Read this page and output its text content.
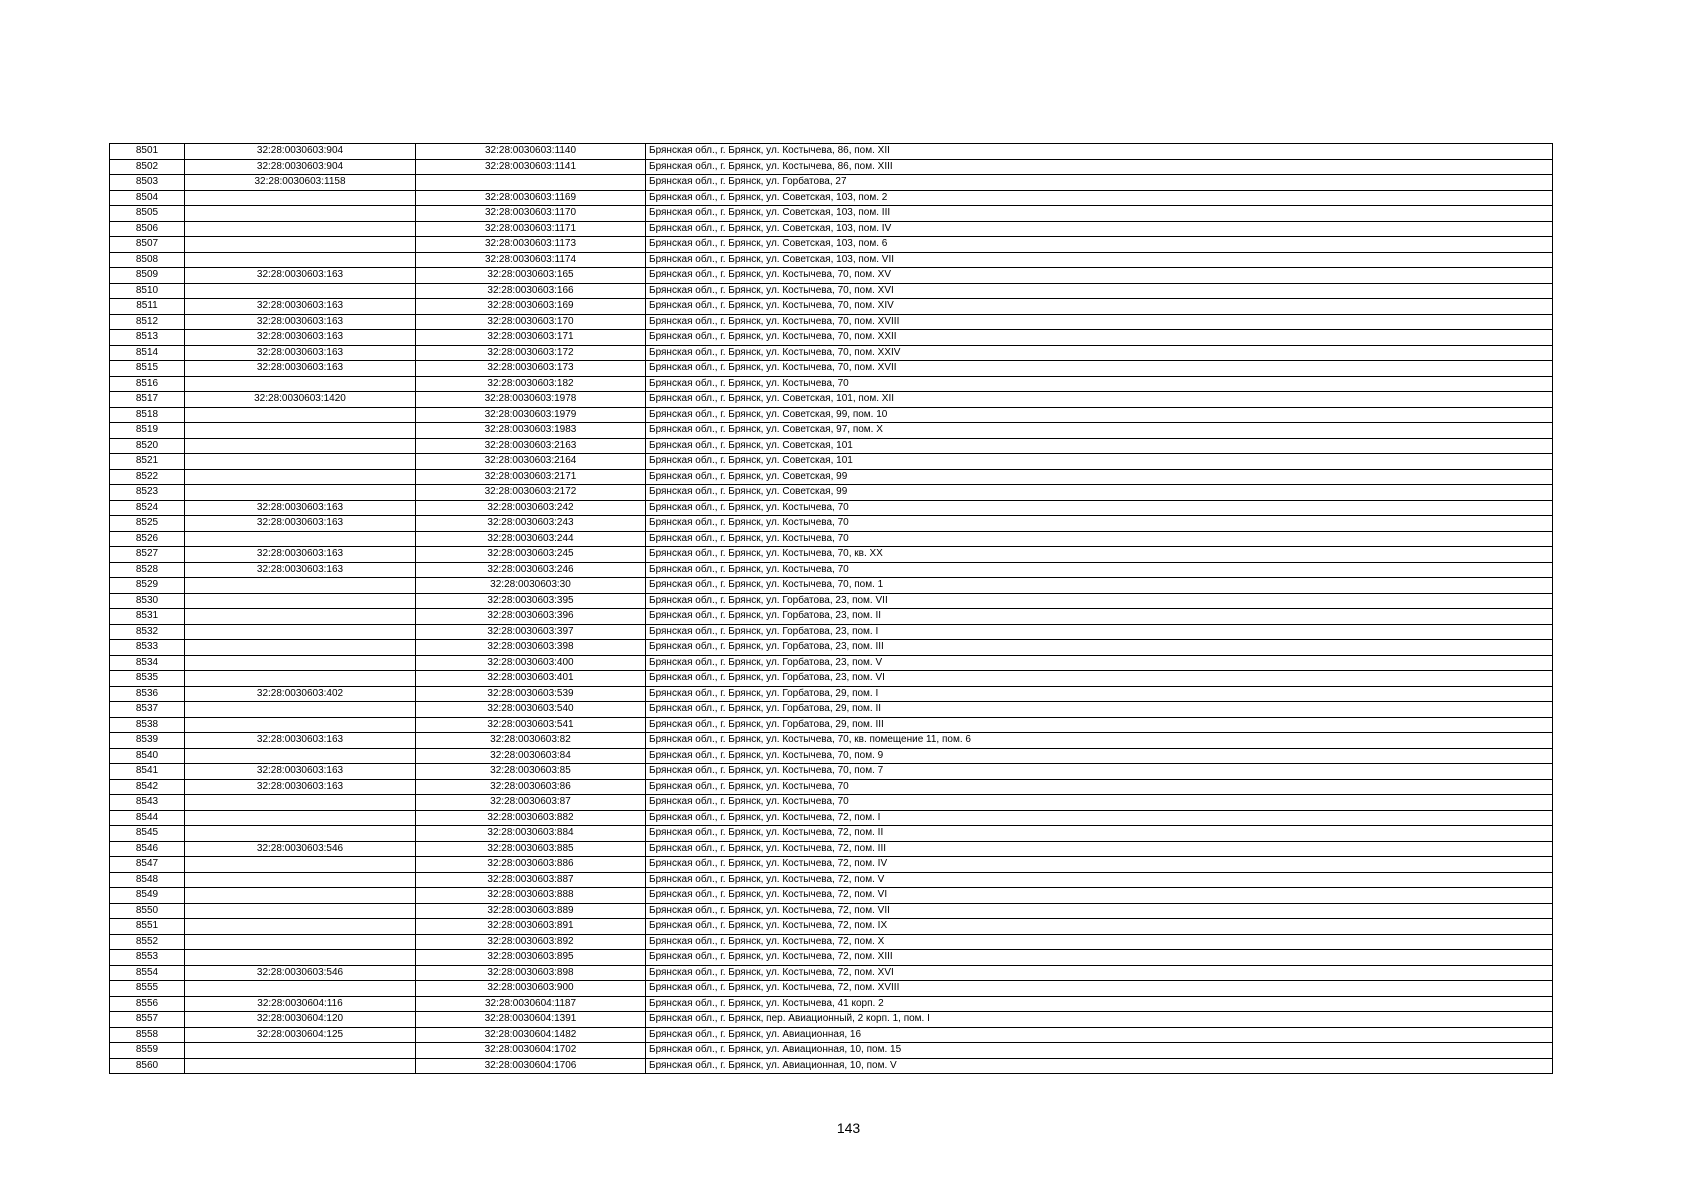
8501	32:28:0030603:904	32:28:0030603:1140	Брянская обл., г. Брянск, ул. Костычева, 86, пом. XII
8502	32:28:0030603:904	32:28:0030603:1141	Брянская обл., г. Брянск, ул. Костычева, 86, пом. XIII
8503	32:28:0030603:1158		Брянская обл., г. Брянск, ул. Горбатова, 27
8504		32:28:0030603:1169	Брянская обл., г. Брянск, ул. Советская, 103, пом. 2
8505		32:28:0030603:1170	Брянская обл., г. Брянск, ул. Советская, 103, пом. III
8506		32:28:0030603:1171	Брянская обл., г. Брянск, ул. Советская, 103, пом. IV
8507		32:28:0030603:1173	Брянская обл., г. Брянск, ул. Советская, 103, пом. 6
8508		32:28:0030603:1174	Брянская обл., г. Брянск, ул. Советская, 103, пом. VII
8509	32:28:0030603:163	32:28:0030603:165	Брянская обл., г. Брянск, ул. Костычева, 70, пом. XV
8510		32:28:0030603:166	Брянская обл., г. Брянск, ул. Костычева, 70, пом. XVI
8511	32:28:0030603:163	32:28:0030603:169	Брянская обл., г. Брянск, ул. Костычева, 70, пом. XIV
8512	32:28:0030603:163	32:28:0030603:170	Брянская обл., г. Брянск, ул. Костычева, 70, пом. XVIII
8513	32:28:0030603:163	32:28:0030603:171	Брянская обл., г. Брянск, ул. Костычева, 70, пом. XXII
8514	32:28:0030603:163	32:28:0030603:172	Брянская обл., г. Брянск, ул. Костычева, 70, пом. XXIV
8515	32:28:0030603:163	32:28:0030603:173	Брянская обл., г. Брянск, ул. Костычева, 70, пом. XVII
8516		32:28:0030603:182	Брянская обл., г. Брянск, ул. Костычева, 70
8517	32:28:0030603:1420	32:28:0030603:1978	Брянская обл., г. Брянск, ул. Советская, 101, пом. XII
8518		32:28:0030603:1979	Брянская обл., г. Брянск, ул. Советская, 99, пом. 10
8519		32:28:0030603:1983	Брянская обл., г. Брянск, ул. Советская, 97, пом. X
8520		32:28:0030603:2163	Брянская обл., г. Брянск, ул. Советская, 101
8521		32:28:0030603:2164	Брянская обл., г. Брянск, ул. Советская, 101
8522		32:28:0030603:2171	Брянская обл., г. Брянск, ул. Советская, 99
8523		32:28:0030603:2172	Брянская обл., г. Брянск, ул. Советская, 99
8524	32:28:0030603:163	32:28:0030603:242	Брянская обл., г. Брянск, ул. Костычева, 70
8525	32:28:0030603:163	32:28:0030603:243	Брянская обл., г. Брянск, ул. Костычева, 70
8526		32:28:0030603:244	Брянская обл., г. Брянск, ул. Костычева, 70
8527	32:28:0030603:163	32:28:0030603:245	Брянская обл., г. Брянск, ул. Костычева, 70, кв. XX
8528	32:28:0030603:163	32:28:0030603:246	Брянская обл., г. Брянск, ул. Костычева, 70
8529		32:28:0030603:30	Брянская обл., г. Брянск, ул. Костычева, 70, пом. 1
8530		32:28:0030603:395	Брянская обл., г. Брянск, ул. Горбатова, 23, пом. VII
8531		32:28:0030603:396	Брянская обл., г. Брянск, ул. Горбатова, 23, пом. II
8532		32:28:0030603:397	Брянская обл., г. Брянск, ул. Горбатова, 23, пом. I
8533		32:28:0030603:398	Брянская обл., г. Брянск, ул. Горбатова, 23, пом. III
8534		32:28:0030603:400	Брянская обл., г. Брянск, ул. Горбатова, 23, пом. V
8535		32:28:0030603:401	Брянская обл., г. Брянск, ул. Горбатова, 23, пом. VI
8536	32:28:0030603:402	32:28:0030603:539	Брянская обл., г. Брянск, ул. Горбатова, 29, пом. I
8537		32:28:0030603:540	Брянская обл., г. Брянск, ул. Горбатова, 29, пом. II
8538		32:28:0030603:541	Брянская обл., г. Брянск, ул. Горбатова, 29, пом. III
8539	32:28:0030603:163	32:28:0030603:82	Брянская обл., г. Брянск, ул. Костычева, 70, кв. помещение 11, пом. 6
8540		32:28:0030603:84	Брянская обл., г. Брянск, ул. Костычева, 70, пом. 9
8541	32:28:0030603:163	32:28:0030603:85	Брянская обл., г. Брянск, ул. Костычева, 70, пом. 7
8542	32:28:0030603:163	32:28:0030603:86	Брянская обл., г. Брянск, ул. Костычева, 70
8543		32:28:0030603:87	Брянская обл., г. Брянск, ул. Костычева, 70
8544		32:28:0030603:882	Брянская обл., г. Брянск, ул. Костычева, 72, пом. I
8545		32:28:0030603:884	Брянская обл., г. Брянск, ул. Костычева, 72, пом. II
8546	32:28:0030603:546	32:28:0030603:885	Брянская обл., г. Брянск, ул. Костычева, 72, пом. III
8547		32:28:0030603:886	Брянская обл., г. Брянск, ул. Костычева, 72, пом. IV
8548		32:28:0030603:887	Брянская обл., г. Брянск, ул. Костычева, 72, пом. V
8549		32:28:0030603:888	Брянская обл., г. Брянск, ул. Костычева, 72, пом. VI
8550		32:28:0030603:889	Брянская обл., г. Брянск, ул. Костычева, 72, пом. VII
8551		32:28:0030603:891	Брянская обл., г. Брянск, ул. Костычева, 72, пом. IX
8552		32:28:0030603:892	Брянская обл., г. Брянск, ул. Костычева, 72, пом. X
8553		32:28:0030603:895	Брянская обл., г. Брянск, ул. Костычева, 72, пом. XIII
8554	32:28:0030603:546	32:28:0030603:898	Брянская обл., г. Брянск, ул. Костычева, 72, пом. XVI
8555		32:28:0030603:900	Брянская обл., г. Брянск, ул. Костычева, 72, пом. XVIII
8556	32:28:0030604:116	32:28:0030604:1187	Брянская обл., г. Брянск, ул. Костычева, 41 корп. 2
8557	32:28:0030604:120	32:28:0030604:1391	Брянская обл., г. Брянск, пер. Авиационный, 2 корп. 1, пом. I
8558	32:28:0030604:125	32:28:0030604:1482	Брянская обл., г. Брянск, ул. Авиационная, 16
8559		32:28:0030604:1702	Брянская обл., г. Брянск, ул. Авиационная, 10, пом. 15
8560		32:28:0030604:1706	Брянская обл., г. Брянск, ул. Авиационная, 10, пом. V
143
